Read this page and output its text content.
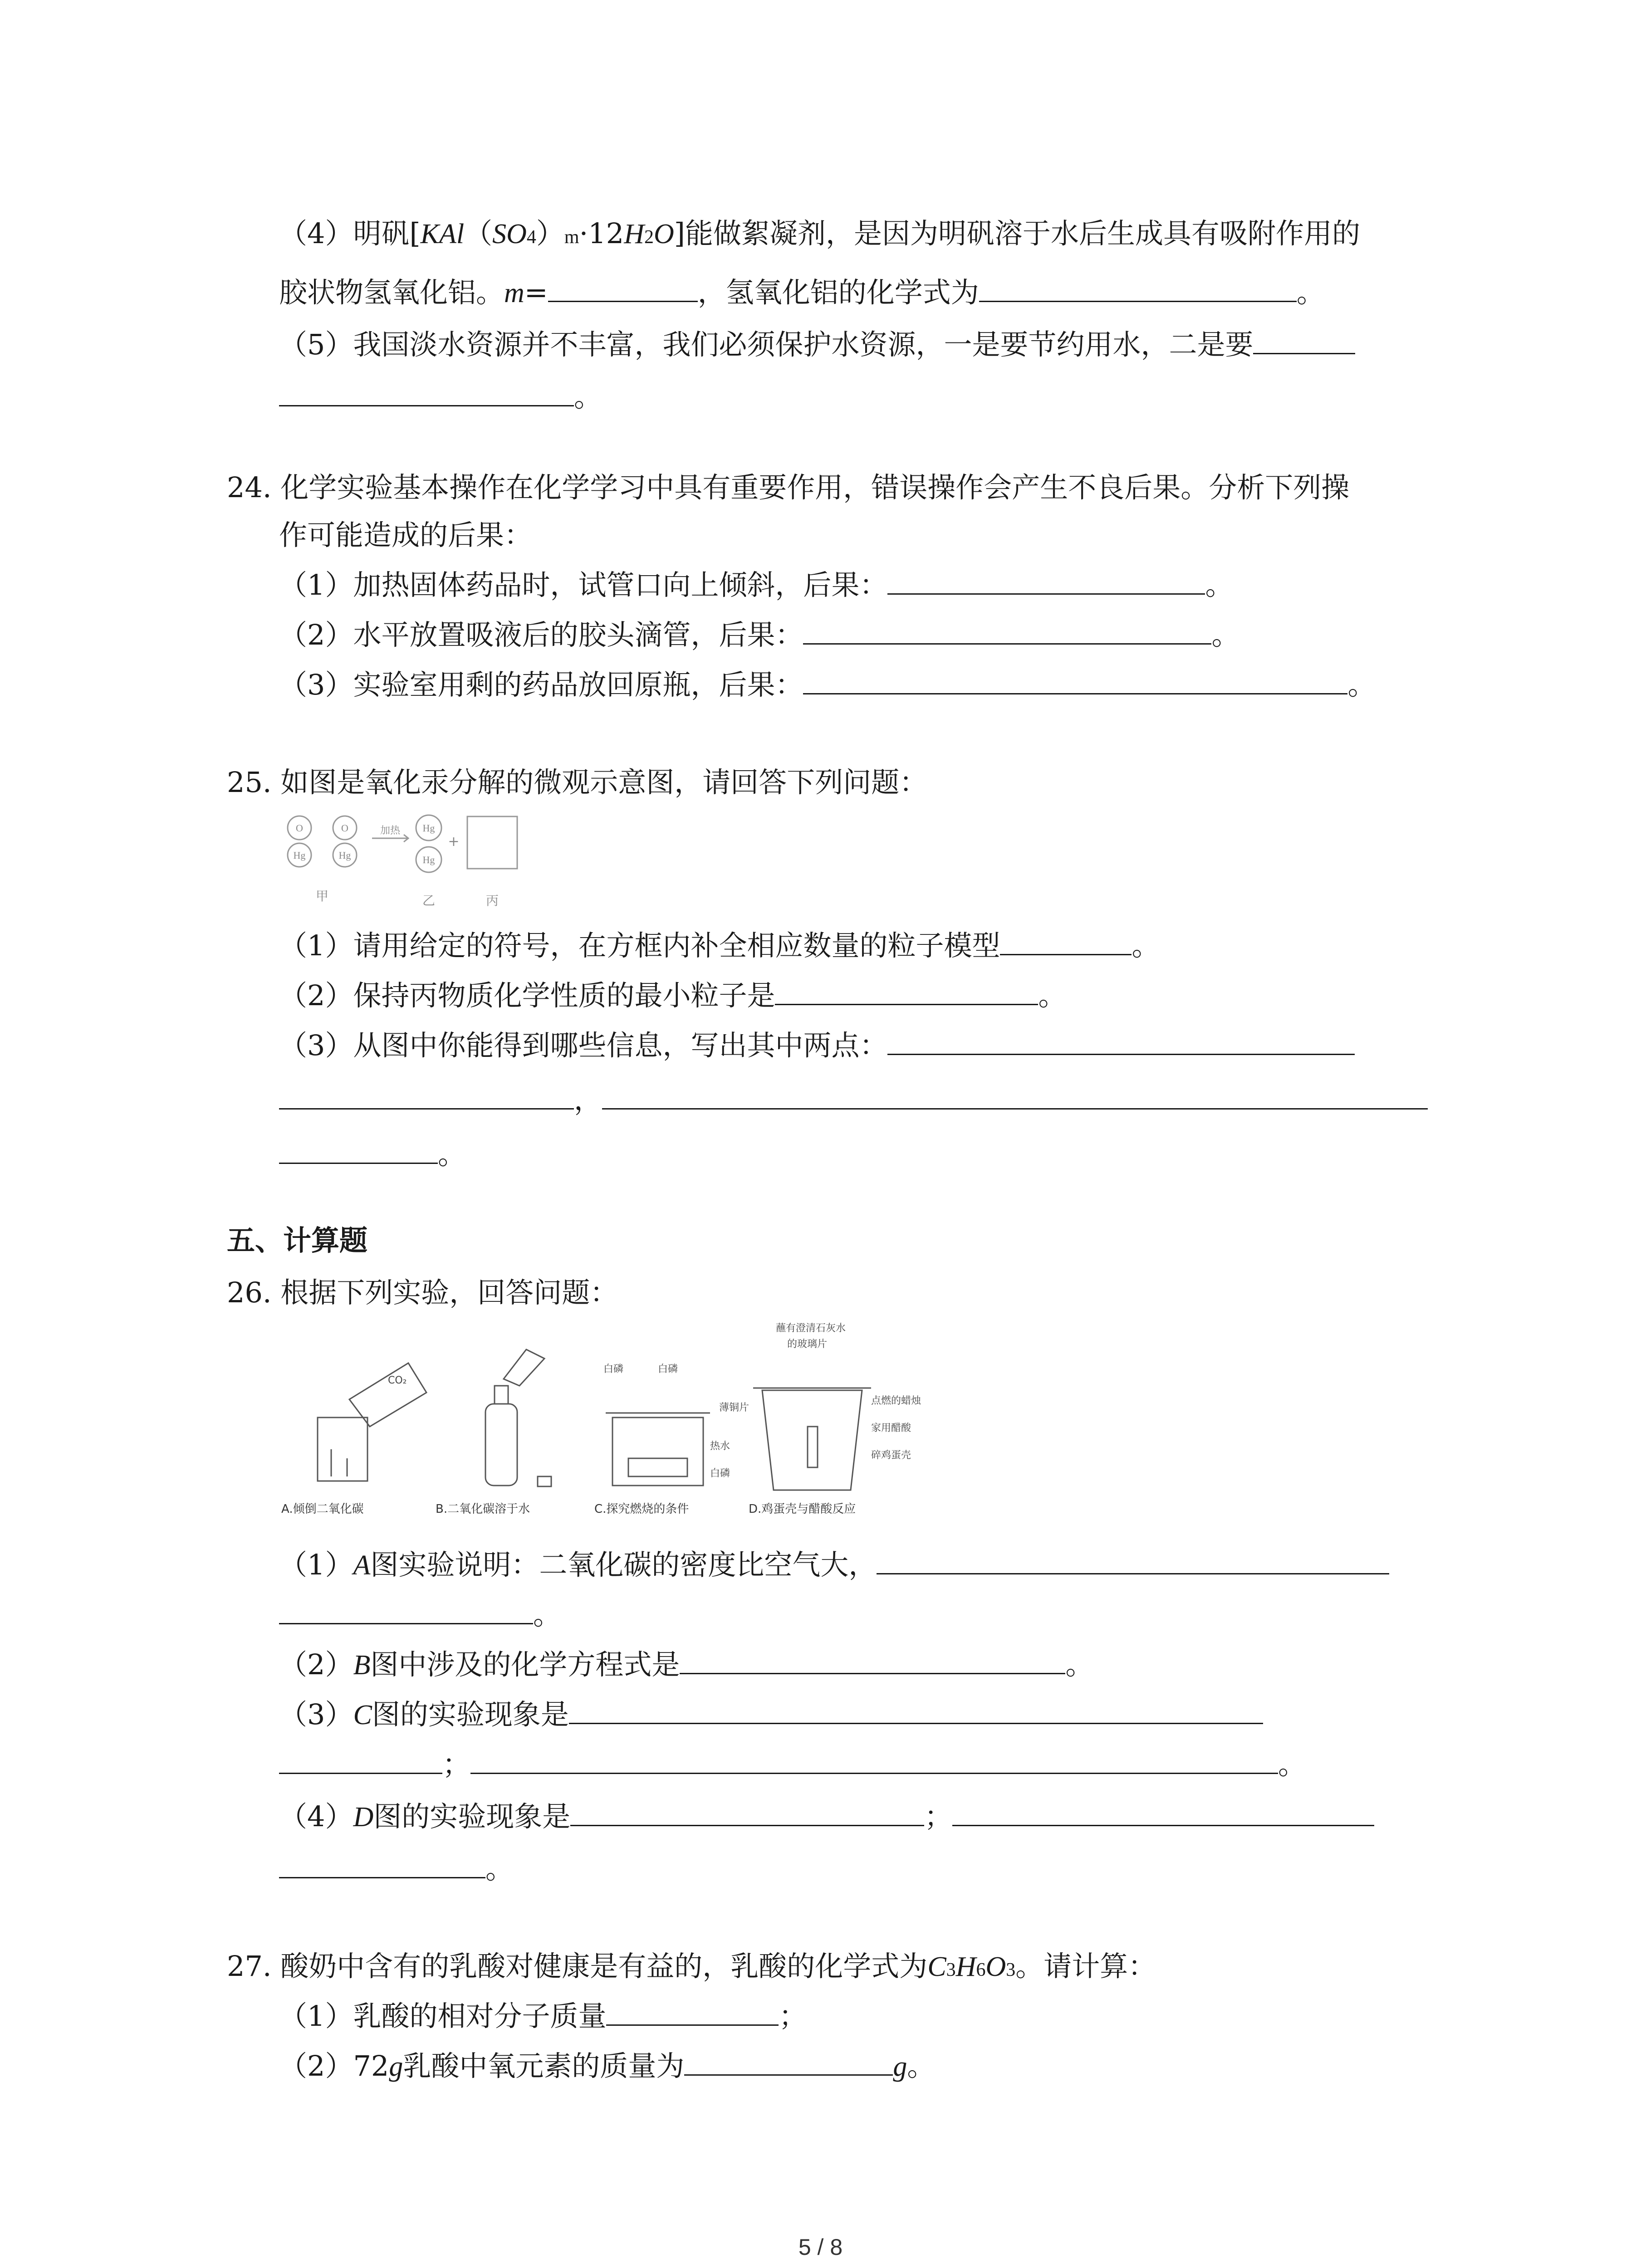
（4）明矾[KAl（SO4）m·12H2O]能做絮凝剂，是因为明矾溶于水后生成具有吸附作用的
胶状物氢氧化铝。m=	，氢氧化铝的化学式为	。
（5）我国淡水资源并不丰富，我们必须保护水资源，一是要节约用水，二是要
。
24. 化学实验基本操作在化学学习中具有重要作用，错误操作会产生不良后果。分析下列操
作可能造成的后果：
（1）加热固体药品时，试管口向上倾斜，后果：	。
（2）水平放置吸液后的胶头滴管，后果：	。
（3）实验室用剩的药品放回原瓶，后果：	。
25. 如图是氧化汞分解的微观示意图，请回答下列问题：
O
Hg
O
Hg
Hg
Hg
加热
+
甲	乙	丙
（1）请用给定的符号，在方框内补全相应数量的粒子模型	。
（2）保持丙物质化学性质的最小粒子是	。
（3）从图中你能得到哪些信息，写出其中两点：
，
。
五、计算题
26. 根据下列实验，回答问题：
CO₂
白磷	白磷
薄铜片
热水
白磷
蘸有澄清石灰水
的玻璃片
点燃的蜡烛
家用醋酸
碎鸡蛋壳
A.倾倒二氧化碳	B.二氧化碳溶于水	C.探究燃烧的条件	D.鸡蛋壳与醋酸反应
（1）A图实验说明：二氧化碳的密度比空气大，
。
（2）B图中涉及的化学方程式是	。
（3）C图的实验现象是
；	。
（4）D图的实验现象是	；
。
27. 酸奶中含有的乳酸对健康是有益的，乳酸的化学式为C3H6O3。请计算：
（1）乳酸的相对分子质量	；
（2）72g乳酸中氧元素的质量为	g。
5 / 8
